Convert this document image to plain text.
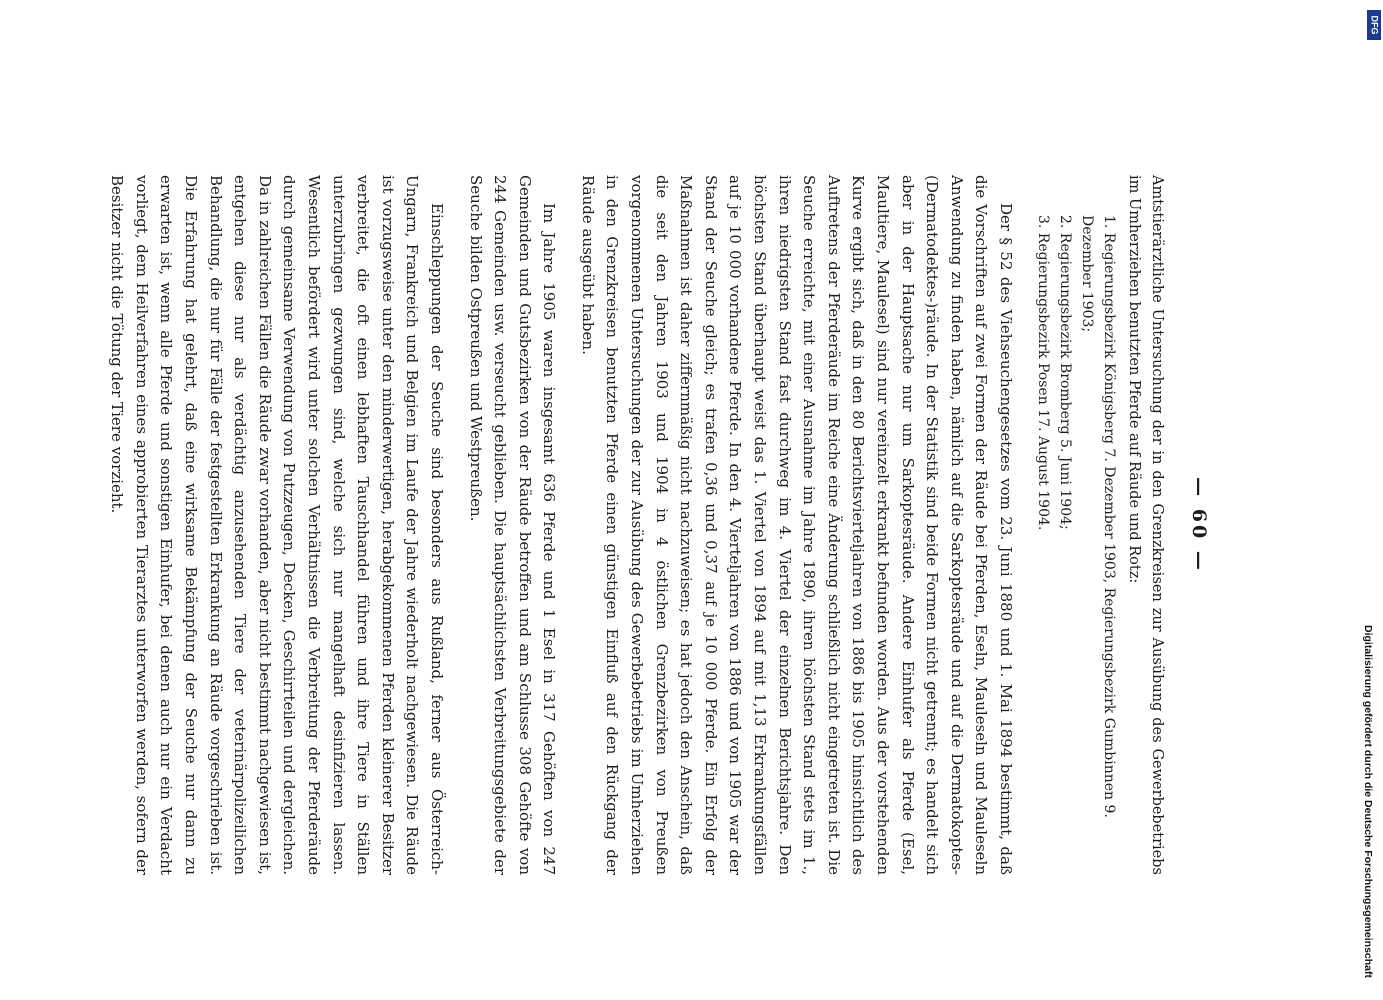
— 60 —

Amtstierärztliche Untersuchung der in den Grenzkreisen zur Ausübung des Gewerbebetriebs im Umherziehen benutzten Pferde auf Räude und Rotz:

1. Regierungsbezirk Königsberg 7. Dezember 1903, Regierungsbezirk Gumbinnen 9. Dezember 1903;
2. Regierungsbezirk Bromberg 5. Juni 1904;
3. Regierungsbezirk Posen 17. August 1904.

Der § 52 des Viehseuchengesetzes vom 23. Juni 1880 und 1. Mai 1894 bestimmt, daß die Vorschriften auf zwei Formen der Räude bei Pferden, Eseln, Mauleseln und Mauleseln Anwendung zu finden haben, nämlich auf die Sarkoptesräude und auf die Dermatokoptes-(Dermatodektes-)räude. In der Statistik sind beide Formen nicht getrennt; es handelt sich aber in der Hauptsache nur um Sarkoptesräude. Andere Einhufer als Pferde (Esel, Maultiere, Maulesel) sind nur vereinzelt erkrankt befunden worden. Aus der vorstehenden Kurve ergibt sich, daß in den 80 Berichtsvierteljahren von 1886 bis 1905 hinsichtlich des Auftretens der Pferderäude im Reiche eine Änderung schließlich nicht eingetreten ist. Die Seuche erreichte, mit einer Ausnahme im Jahre 1890, ihren höchsten Stand stets im 1., ihren niedrigsten Stand fast durchweg im 4. Viertel der einzelnen Berichtsjahre. Den höchsten Stand überhaupt weist das 1. Viertel von 1894 auf mit 1,13 Erkrankungsfällen auf je 10 000 vorhandene Pferde. In den 4. Vierteljahren von 1886 und von 1905 war der Stand der Seuche gleich; es trafen 0,36 und 0,37 auf je 10 000 Pferde. Ein Erfolg der Maßnahmen ist daher ziffernmäßig nicht nachzuweisen; es hat jedoch den Anschein, daß die seit den Jahren 1903 und 1904 in 4 östlichen Grenzbezirken von Preußen vorgenommenen Untersuchungen der zur Ausübung des Gewerbebetriebs im Umherziehen in den Grenzkreisen benutzten Pferde einen günstigen Einfluß auf den Rückgang der Räude ausgeübt haben.

Im Jahre 1905 waren insgesamt 636 Pferde und 1 Esel in 317 Gehöften von 247 Gemeinden und Gutsbezirken von der Räude betroffen und am Schlusse 308 Gehöfte von 244 Gemeinden usw. verseucht geblieben. Die hauptsächlichsten Verbreitungsgebiete der Seuche bilden Ostpreußen und Westpreußen.

Einschleppungen der Seuche sind besonders aus Rußland, ferner aus Österreich-Ungarn, Frankreich und Belgien im Laufe der Jahre wiederholt nachgewiesen. Die Räude ist vorzugsweise unter den minderwertigen, herabgekommenen Pferden kleinerer Besitzer verbreitet, die oft einen lebhaften Tauschhandel führen und ihre Tiere in Ställen unterzubringen gezwungen sind, welche sich nur mangelhaft desinfizieren lassen. Wesentlich befördert wird unter solchen Verhältnissen die Verbreitung der Pferderäude durch gemeinsame Verwendung von Putzzeugen, Decken, Geschirrteilen und dergleichen. Da in zahlreichen Fällen die Räude zwar vorhanden, aber nicht bestimmt nachgewiesen ist, entgehen diese nur als verdächtig anzusehenden Tiere der veterinärpolizeilichen Behandlung, die nur für Fälle der festgestellten Erkrankung an Räude vorgeschrieben ist. Die Erfahrung hat gelehrt, daß eine wirksame Bekämpfung der Seuche nur dann zu erwarten ist, wenn alle Pferde und sonstigen Einhufer, bei denen auch nur ein Verdacht vorliegt, dem Heilverfahren eines approbierten Tierarztes unterworfen werden, sofern der Besitzer nicht die Tötung der Tiere vorzieht.

Digitalisierung gefördert durch die Deutsche Forschungsgemeinschaft
DFG
